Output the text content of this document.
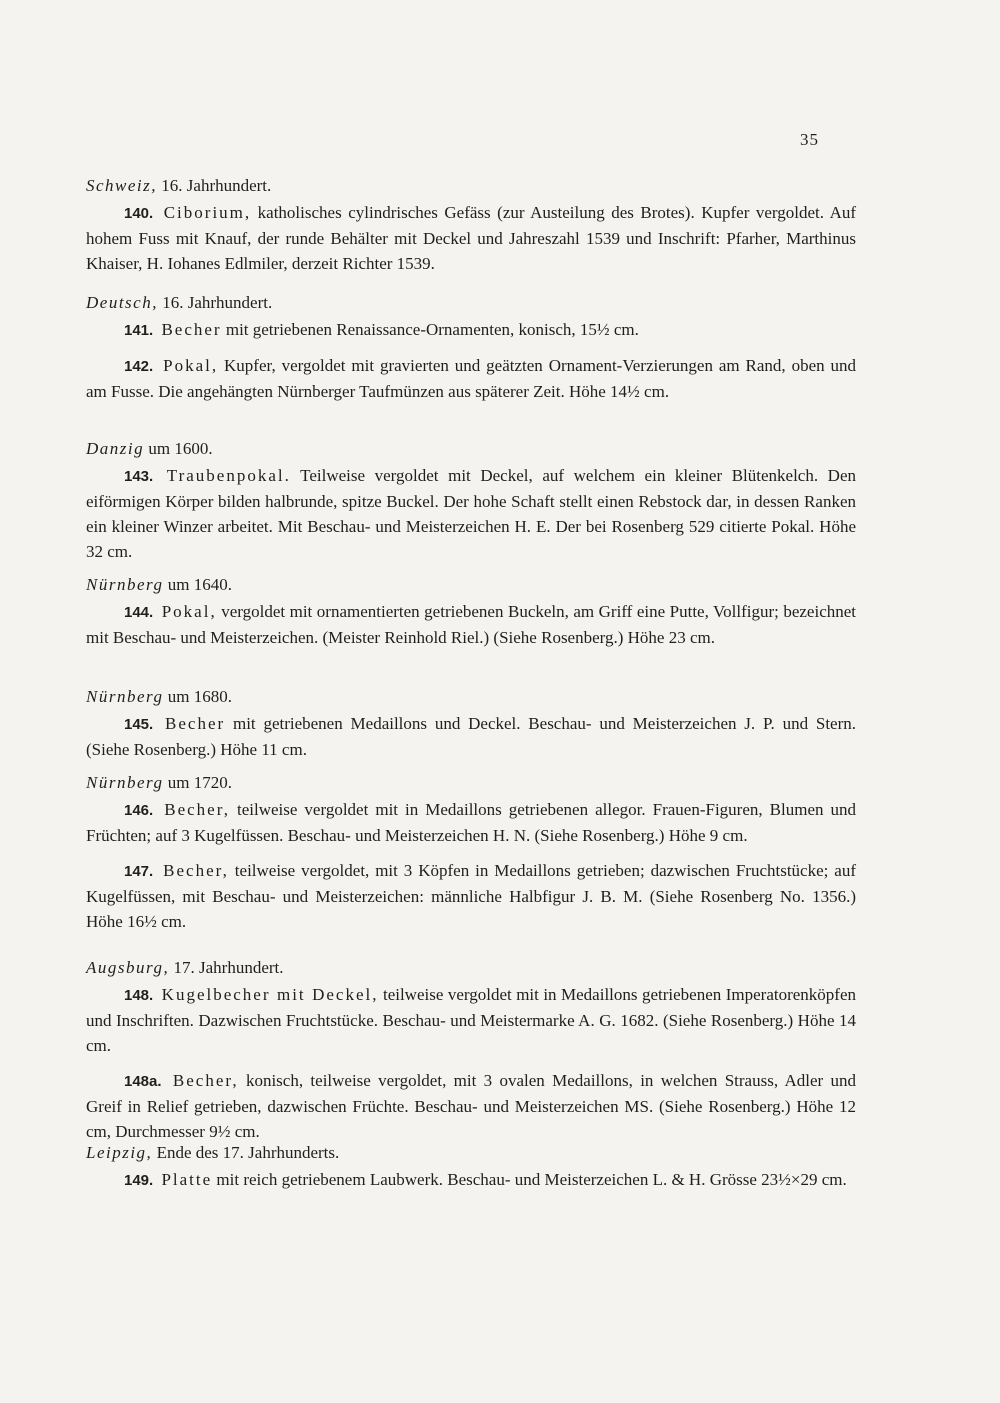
35
Schweiz, 16. Jahrhundert.
140. Ciborium, katholisches cylindrisches Gefäss (zur Austeilung des Brotes). Kupfer vergoldet. Auf hohem Fuss mit Knauf, der runde Behälter mit Deckel und Jahreszahl 1539 und Inschrift: Pfarher, Marthinus Khaiser, H. Iohanes Edlmiler, derzeit Richter 1539.
Deutsch, 16. Jahrhundert.
141. Becher mit getriebenen Renaissance-Ornamenten, konisch, 15½ cm.
142. Pokal, Kupfer, vergoldet mit gravierten und geätzten Ornament-Verzierungen am Rand, oben und am Fusse. Die angehängten Nürnberger Taufmünzen aus späterer Zeit. Höhe 14½ cm.
Danzig um 1600.
143. Traubenpokal. Teilweise vergoldet mit Deckel, auf welchem ein kleiner Blütenkelch. Den eiförmigen Körper bilden halbrunde, spitze Buckel. Der hohe Schaft stellt einen Rebstock dar, in dessen Ranken ein kleiner Winzer arbeitet. Mit Beschau- und Meisterzeichen H. E. Der bei Rosenberg 529 citierte Pokal. Höhe 32 cm.
Nürnberg um 1640.
144. Pokal, vergoldet mit ornamentierten getriebenen Buckeln, am Griff eine Putte, Vollfigur; bezeichnet mit Beschau- und Meisterzeichen. (Meister Reinhold Riel.) (Siehe Rosenberg.) Höhe 23 cm.
Nürnberg um 1680.
145. Becher mit getriebenen Medaillons und Deckel. Beschau- und Meisterzeichen J. P. und Stern. (Siehe Rosenberg.) Höhe 11 cm.
Nürnberg um 1720.
146. Becher, teilweise vergoldet mit in Medaillons getriebenen allegor. Frauen-Figuren, Blumen und Früchten; auf 3 Kugelfüssen. Beschau- und Meisterzeichen H. N. (Siehe Rosenberg.) Höhe 9 cm.
147. Becher, teilweise vergoldet, mit 3 Köpfen in Medaillons getrieben; dazwischen Fruchtstücke; auf Kugelfüssen, mit Beschau- und Meisterzeichen: männliche Halbfigur J. B. M. (Siehe Rosenberg No. 1356.) Höhe 16½ cm.
Augsburg, 17. Jahrhundert.
148. Kugelbecher mit Deckel, teilweise vergoldet mit in Medaillons getriebenen Imperatorenköpfen und Inschriften. Dazwischen Fruchtstücke. Beschau- und Meistermarke A. G. 1682. (Siehe Rosenberg.) Höhe 14 cm.
148a. Becher, konisch, teilweise vergoldet, mit 3 ovalen Medaillons, in welchen Strauss, Adler und Greif in Relief getrieben, dazwischen Früchte. Beschau- und Meisterzeichen MS. (Siehe Rosenberg.) Höhe 12 cm, Durchmesser 9½ cm.
Leipzig, Ende des 17. Jahrhunderts.
149. Platte mit reich getriebenem Laubwerk. Beschau- und Meisterzeichen L. & H. Grösse 23½×29 cm.
